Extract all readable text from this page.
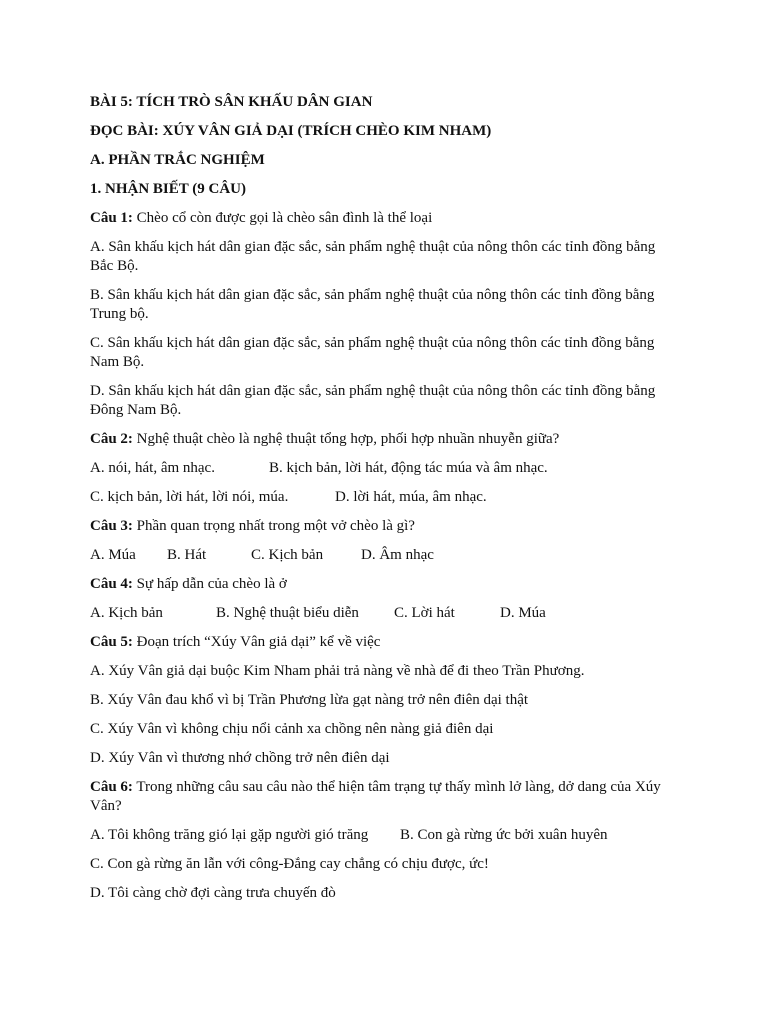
BÀI 5: TÍCH TRÒ SÂN KHẤU DÂN GIAN

ĐỌC BÀI: XÚY VÂN GIẢ DẠI (TRÍCH CHÈO KIM NHAM)

A. PHẦN TRẮC NGHIỆM

1. NHẬN BIẾT (9 CÂU)

Câu 1: Chèo cổ còn được gọi là chèo sân đình là thể loại

A. Sân khấu kịch hát dân gian đặc sắc, sản phẩm nghệ thuật của nông thôn các tỉnh đồng bằng Bắc Bộ.

B. Sân khấu kịch hát dân gian đặc sắc, sản phẩm nghệ thuật của nông thôn các tỉnh đồng bằng Trung bộ.

C. Sân khấu kịch hát dân gian đặc sắc, sản phẩm nghệ thuật của nông thôn các tỉnh đồng bằng Nam Bộ.

D. Sân khấu kịch hát dân gian đặc sắc, sản phẩm nghệ thuật của nông thôn các tỉnh đồng bằng Đông Nam Bộ.

Câu 2: Nghệ thuật chèo là nghệ thuật tổng hợp, phối hợp nhuần nhuyễn giữa?

A. nói, hát, âm nhạc.	B. kịch bản, lời hát, động tác múa và âm nhạc.
C. kịch bản, lời hát, lời nói, múa.	D. lời hát, múa, âm nhạc.

Câu 3: Phần quan trọng nhất trong một vở chèo là gì?

A. Múa B. Hát	C. Kịch bản	D. Âm nhạc

Câu 4: Sự hấp dẫn của chèo là ở

A. Kịch bản	B. Nghệ thuật biểu diễn C. Lời hát	D. Múa

Câu 5: Đoạn trích “Xúy Vân giả dại” kể về việc

A. Xúy Vân giả dại buộc Kim Nham phải trả nàng về nhà để đi theo Trần Phương.

B. Xúy Vân đau khổ vì bị Trần Phương lừa gạt nàng trở nên điên dại thật

C. Xúy Vân vì không chịu nổi cảnh xa chồng nên nàng giả điên dại

D. Xúy Vân vì thương nhớ chồng trở nên điên dại

Câu 6: Trong những câu sau câu nào thể hiện tâm trạng tự thấy mình lở làng, dở dang của Xúy Vân?

A. Tôi không trăng gió lại gặp người gió trăng B. Con gà rừng ức bởi xuân huyên

C. Con gà rừng ăn lẫn với công-Đắng cay chẳng có chịu được, ức!

D. Tôi càng chờ đợi càng trưa chuyến đò
